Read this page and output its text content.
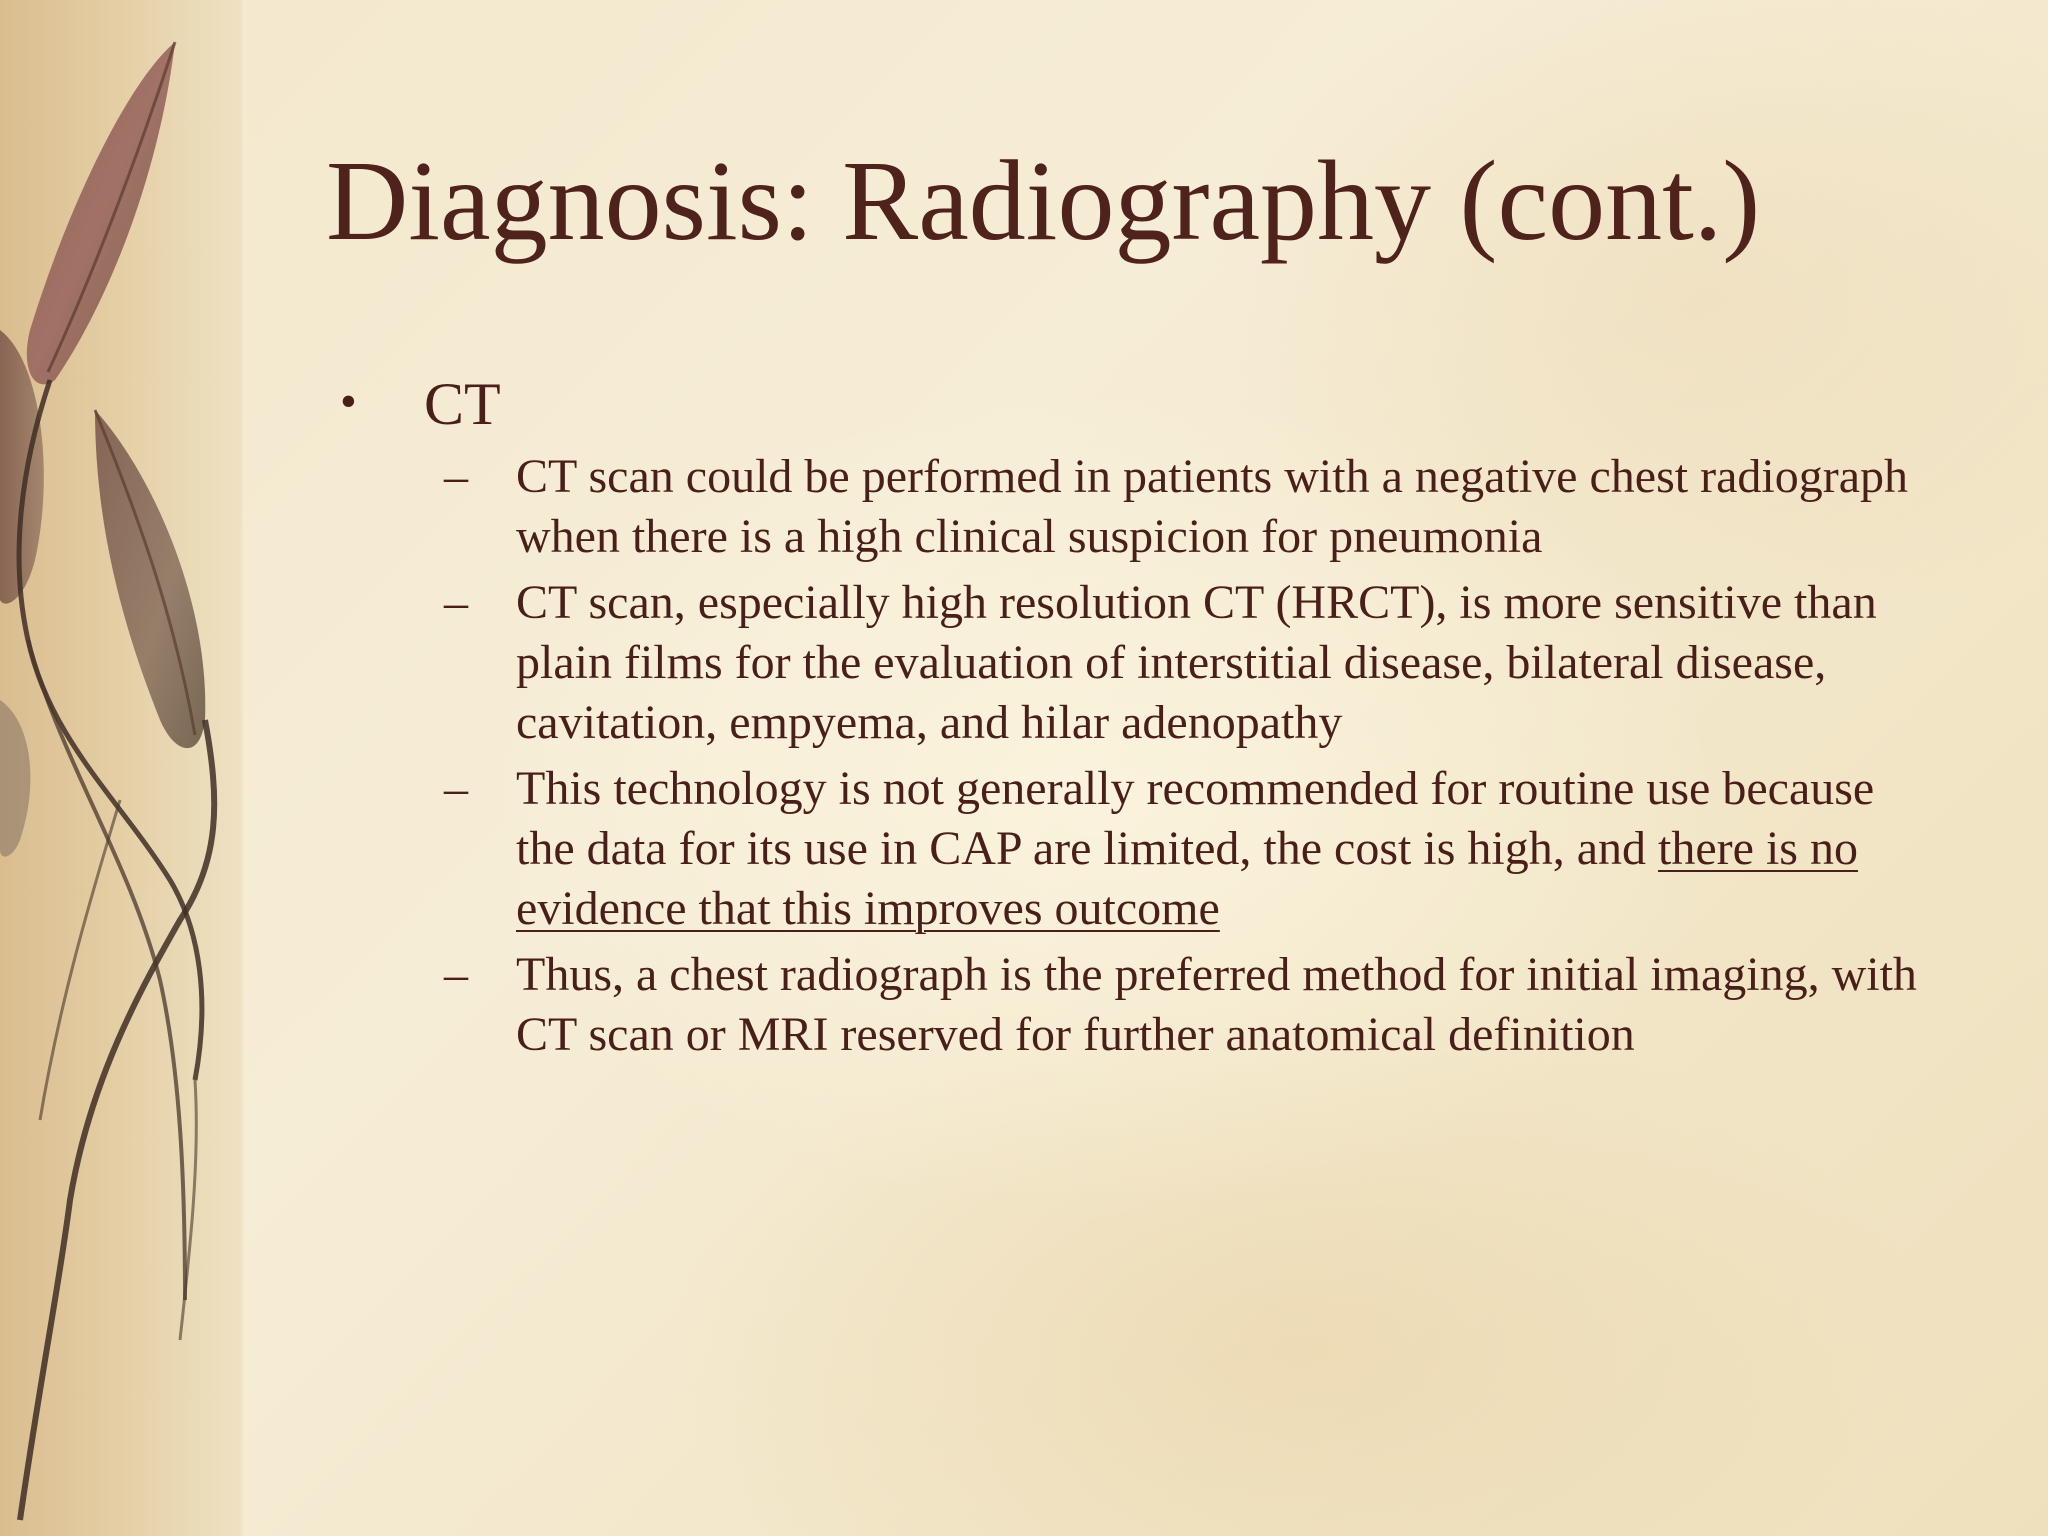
Diagnosis: Radiography (cont.)
•	CT
–	CT scan could be performed in patients with a negative chest radiograph when there is a high clinical suspicion for pneumonia
–	CT scan, especially high resolution CT (HRCT), is more sensitive than plain films for the evaluation of interstitial disease, bilateral disease, cavitation, empyema, and hilar adenopathy
–	This technology is not generally recommended for routine use because the data for its use in CAP are limited, the cost is high, and there is no evidence that this improves outcome
–	Thus, a chest radiograph is the preferred method for initial imaging, with CT scan or MRI reserved for further anatomical definition
